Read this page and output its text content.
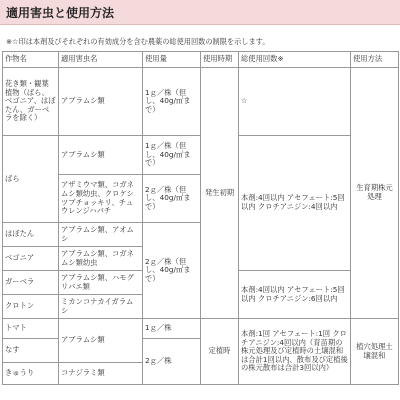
適用害虫と使用方法
※☆印は本剤及びそれぞれの有効成分を含む農薬の総使用回数の制限を示します。
作物名	適用害虫名	使用量	使用時期	総使用回数※	使用方法
花き類・観葉植物（ばら、ベゴニア、はぼたん、ガーベラを除く）	アブラムシ類	1ｇ／株（但し、40g/㎡まで）	発生初期	☆	生育期株元処理
ばら	アブラムシ類	1ｇ／株（但し、40g/㎡まで）		本剤:4回以内 アセフェート:5回以内 クロチアニジン:4回以内	
	アザミウマ類、コガネムシ類幼虫、クロケシツブチョッキリ、チュウレンジハバチ	2ｇ／株（但し、40g/㎡まで）			
はぼたん	アブラムシ類、アオムシ	2ｇ／株（但し、40g/㎡まで）			
ベゴニア	アブラムシ類、コガネムシ類幼虫				
ガーベラ	アブラムシ類、ハモグリバエ類			本剤:4回以内 アセフェート:5回以内 クロチアニジン:6回以内	
クロトン	ミカンコナカイガラムシ				
トマト	アブラムシ類	1ｇ／株	定植時	本剤:1回 アセフェート:1回 クロチアニジン:4回以内（育苗期の株元処理及び定植時の土壌混和は合計1回以内、散布及び定植後の株元散布は合計3回以内）	植穴処理土壌混和
なす		2ｇ／株			
きゅうり	コナジラミ類				
